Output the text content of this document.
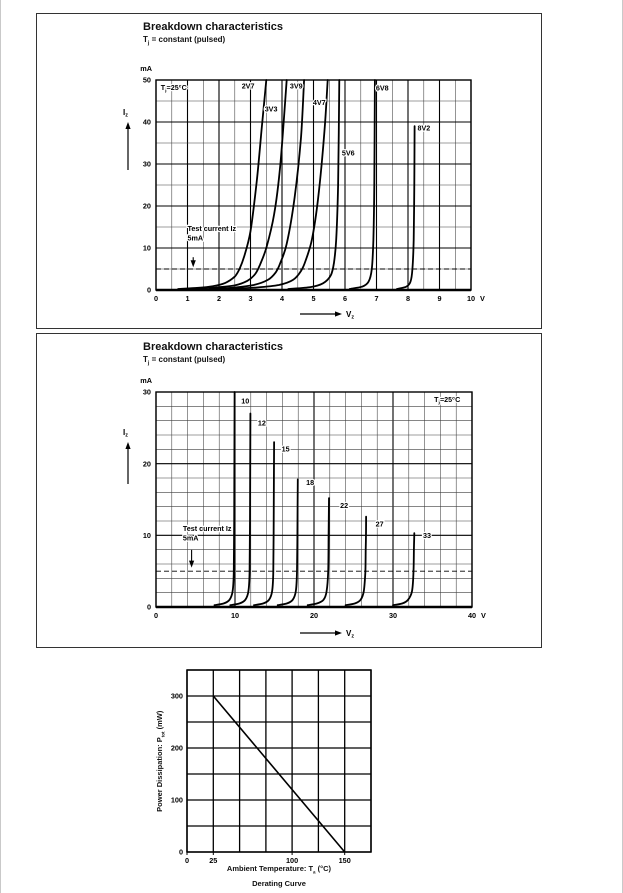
Breakdown characteristics
$T_j$ = constant (pulsed)
2V7
3V3
3V9
4V7
5V6
6V8
8V2
0	1	2	3	4	5	6	7	8	9	10 V
0
10
20
30
40
50
mA
$T_j=25^oC$
Test current Iz
5mA
$I_z$
$V_z$
Breakdown characteristics
$T_j$ = constant (pulsed)
10
12
15
18
22
27
33
0	10	20	30	40 V
0
10
20
30
mA
$T_j=25^oC$
Test current Iz
5mA
$I_z$
$V_z$
0	25	100	150
0
100
200
300
Power Dissipation: $P_{tot}$ (mW)
Ambient Temperature: $T_a$ (°C)
Derating Curve
